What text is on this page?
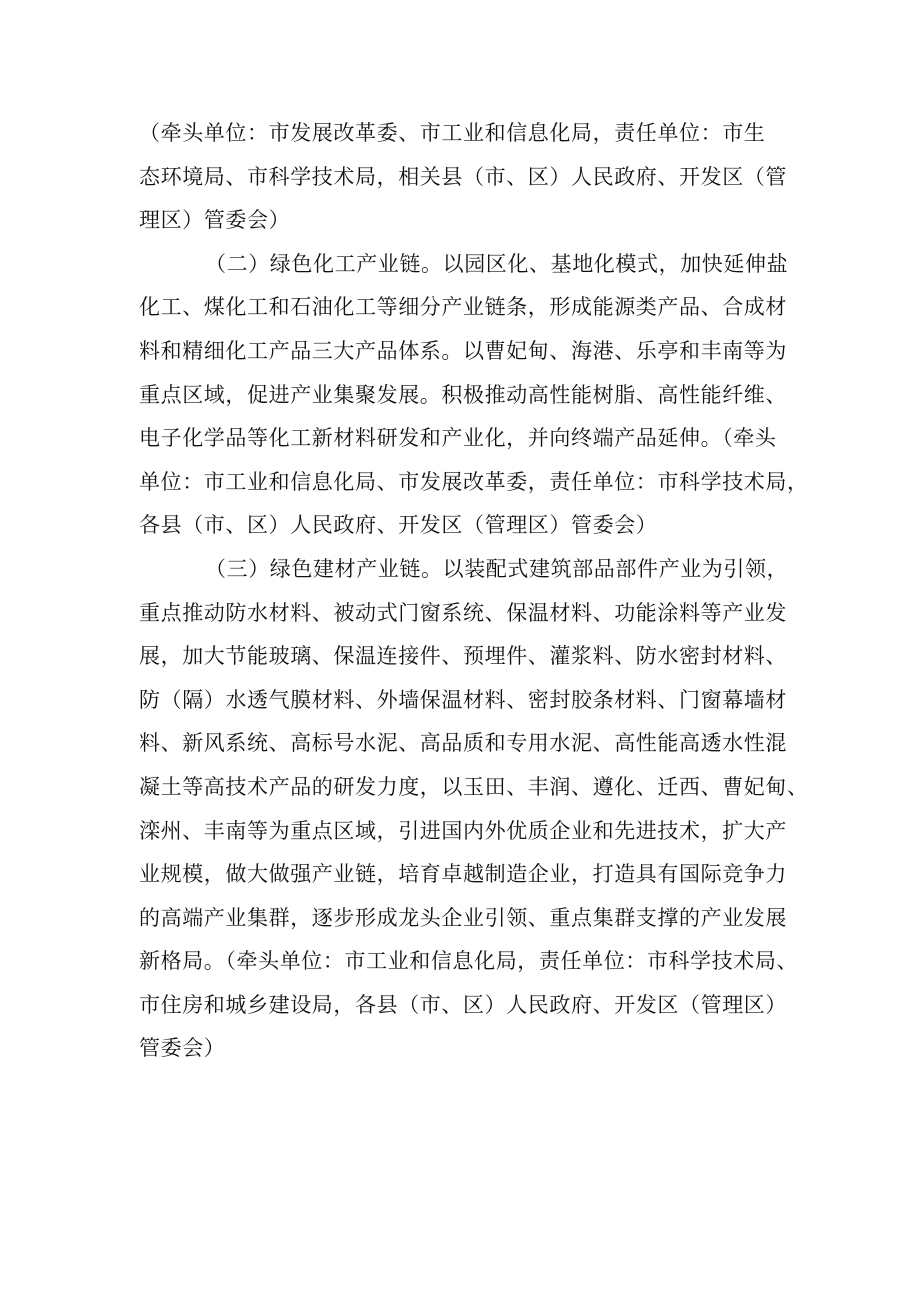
（牵头单位：市发展改革委、市工业和信息化局，责任单位：市生
态环境局、市科学技术局，相关县（市、区）人民政府、开发区（管
理区）管委会）
（二）绿色化工产业链。以园区化、基地化模式，加快延伸盐
化工、煤化工和石油化工等细分产业链条，形成能源类产品、合成材
料和精细化工产品三大产品体系。以曹妃甸、海港、乐亭和丰南等为
重点区域，促进产业集聚发展。积极推动高性能树脂、高性能纤维、
电子化学品等化工新材料研发和产业化，并向终端产品延伸。（牵头
单位：市工业和信息化局、市发展改革委，责任单位：市科学技术局，
各县（市、区）人民政府、开发区（管理区）管委会）
（三）绿色建材产业链。以装配式建筑部品部件产业为引领，
重点推动防水材料、被动式门窗系统、保温材料、功能涂料等产业发
展，加大节能玻璃、保温连接件、预埋件、灌浆料、防水密封材料、
防（隔）水透气膜材料、外墙保温材料、密封胶条材料、门窗幕墙材
料、新风系统、高标号水泥、高品质和专用水泥、高性能高透水性混
凝土等高技术产品的研发力度，以玉田、丰润、遵化、迁西、曹妃甸、
滦州、丰南等为重点区域，引进国内外优质企业和先进技术，扩大产
业规模，做大做强产业链，培育卓越制造企业，打造具有国际竞争力
的高端产业集群，逐步形成龙头企业引领、重点集群支撑的产业发展
新格局。（牵头单位：市工业和信息化局，责任单位：市科学技术局、
市住房和城乡建设局，各县（市、区）人民政府、开发区（管理区）
管委会）
